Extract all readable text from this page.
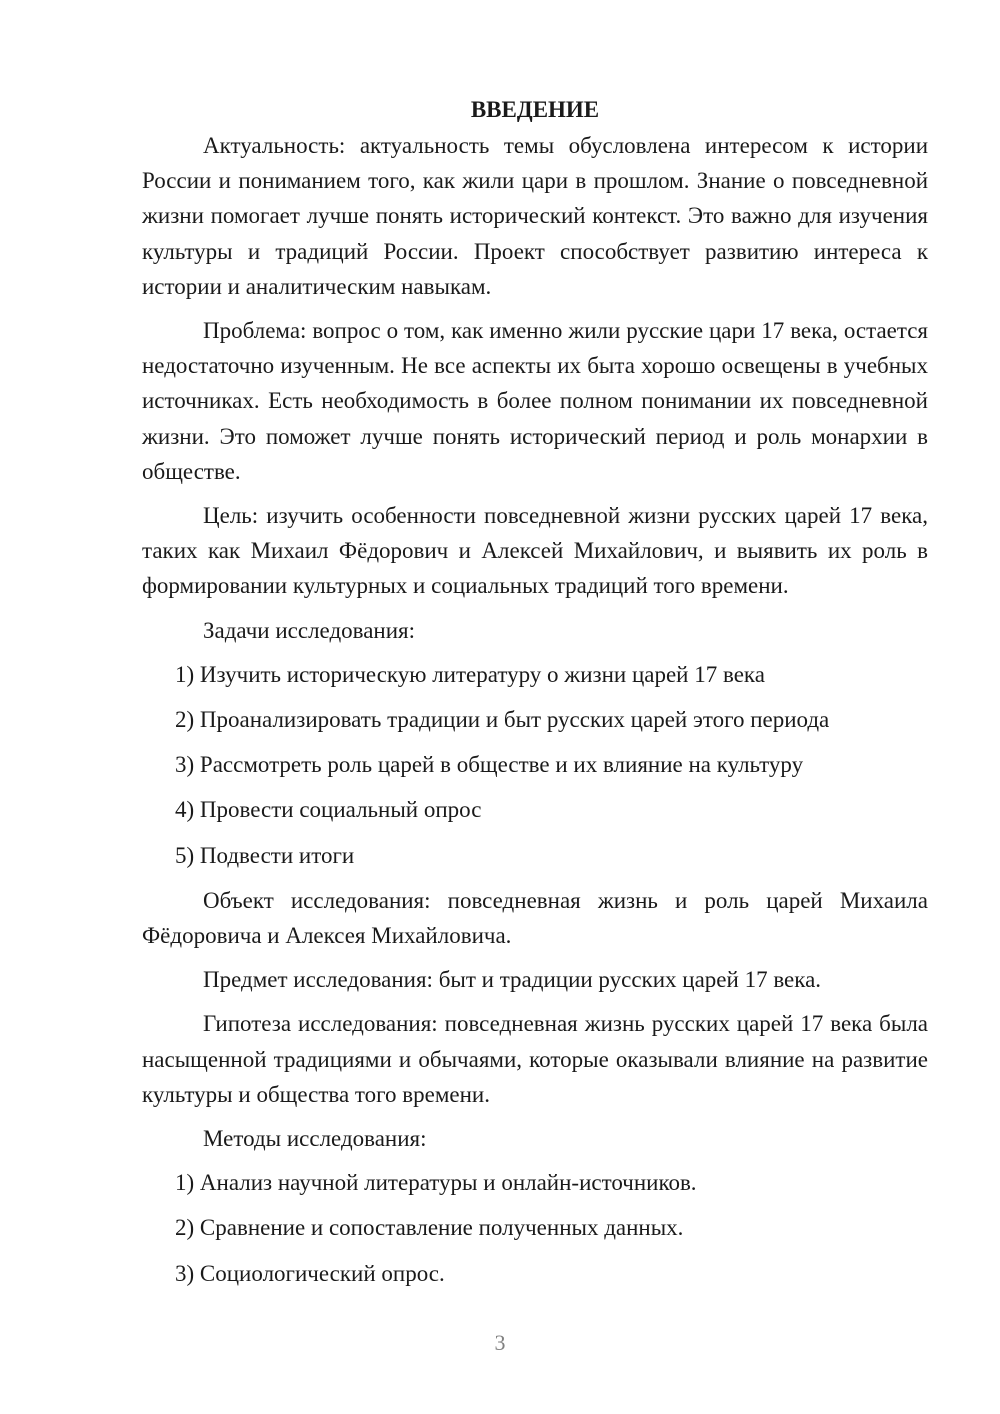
ВВЕДЕНИЕ

Актуальность: актуальность темы обусловлена интересом к истории России и пониманием того, как жили цари в прошлом. Знание о повседневной жизни помогает лучше понять исторический контекст. Это важно для изучения культуры и традиций России. Проект способствует развитию интереса к истории и аналитическим навыкам.

Проблема: вопрос о том, как именно жили русские цари 17 века, остается недостаточно изученным. Не все аспекты их быта хорошо освещены в учебных источниках. Есть необходимость в более полном понимании их повседневной жизни. Это поможет лучше понять исторический период и роль монархии в обществе.

Цель: изучить особенности повседневной жизни русских царей 17 века, таких как Михаил Фёдорович и Алексей Михайлович, и выявить их роль в формировании культурных и социальных традиций того времени.

Задачи исследования:

1) Изучить историческую литературу о жизни царей 17 века

2) Проанализировать традиции и быт русских царей этого периода

3) Рассмотреть роль царей в обществе и их влияние на культуру

4) Провести социальный опрос

5) Подвести итоги

Объект исследования: повседневная жизнь и роль царей Михаила Фёдоровича и Алексея Михайловича.

Предмет исследования: быт и традиции русских царей 17 века.

Гипотеза исследования: повседневная жизнь русских царей 17 века была насыщенной традициями и обычаями, которые оказывали влияние на развитие культуры и общества того времени.

Методы исследования:

1) Анализ научной литературы и онлайн-источников.

2) Сравнение и сопоставление полученных данных.

3) Социологический опрос.

3
